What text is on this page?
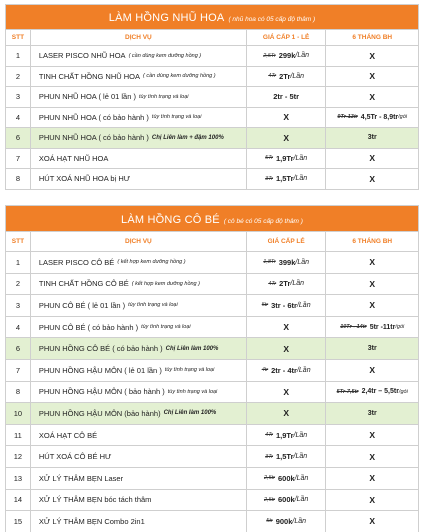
LÀM HỒNG NHŨ HOA ( nhũ hoa có 05 cấp độ thâm )
STT	DỊCH VỤ	GIÁ CẤP 1 - LẺ	6 THÁNG BH
1	LASER PISCO NHŨ HOA ( cần dùng kem dưỡng hồng )	2,5Tr 299k /Lần	X
2	TINH CHẤT HỒNG NHŨ HOA ( cần dùng kem dưỡng hồng )	4Tr 2Tr /Lần	X
3	PHUN NHŨ HOA ( lẻ 01 lần ) tùy tình trạng và loại	2tr - 5tr	X
4	PHUN NHŨ HOA ( có bảo hành ) tùy tình trạng và loại	X	9Tr-13tr 4,5Tr - 8,9tr /gói
6	PHUN NHŨ HOA ( có bảo hành ) Chị Liên làm + đậm 100%	X	3tr
7	XOÁ HẠT NHŨ HOA	5Tr 1,9Tr /Lần	X
8	HÚT XOÁ NHŨ HOA bị HƯ	3Tr 1,5Tr /Lần	X
LÀM HỒNG CÔ BÉ ( cô bé có 05 cấp độ thâm )
STT	DỊCH VỤ	GIÁ CẤP LẺ	6 THÁNG BH
1	LASER PISCO CÔ BÉ ( kết hợp kem dưỡng hồng )	1,8Tr 399k /Lần	X
2	TINH CHẤT HỒNG CÔ BÉ ( kết hợp kem dưỡng hồng )	4Tr 2Tr /Lần	X
3	PHUN CÔ BÉ ( lẻ 01 lần ) tùy tình trạng và loại	5tr 3tr - 6tr /Lần	X
4	PHUN CÔ BÉ ( có bảo hành ) tùy tình trạng và loại	X	10Tr - 14tr 5tr -11tr /gói
6	PHUN HỒNG CÔ BÉ ( có bảo hành ) Chị Liên làm 100%	X	3tr
7	PHUN HỒNG HẬU MÔN ( lẻ 01 lần ) tùy tình trạng và loại	4tr 2tr - 4tr /Lần	X
8	PHUN HỒNG HẬU MÔN ( bảo hành ) tùy tình trạng và loại	X	5Tr-7,5tr 2,4tr – 5,5tr /gói
10	PHUN HỒNG HẬU MÔN (bảo hành) Chị Liên làm 100%	X	3tr
11	XOÁ HẠT CÔ BÉ	4Tr 1,9Tr /Lần	X
12	HÚT XOÁ CÔ BÉ HƯ	3Tr 1,5Tr /Lần	X
13	XỬ LÝ THÂM BẸN Laser	2,5tr 600k /Lần	X
14	XỬ LÝ THÂM BẸN bóc tách thâm	2,5tr 600k /Lần	X
15	XỬ LÝ THÂM BẸN Combo 2in1	5tr 900k /Lần	X
